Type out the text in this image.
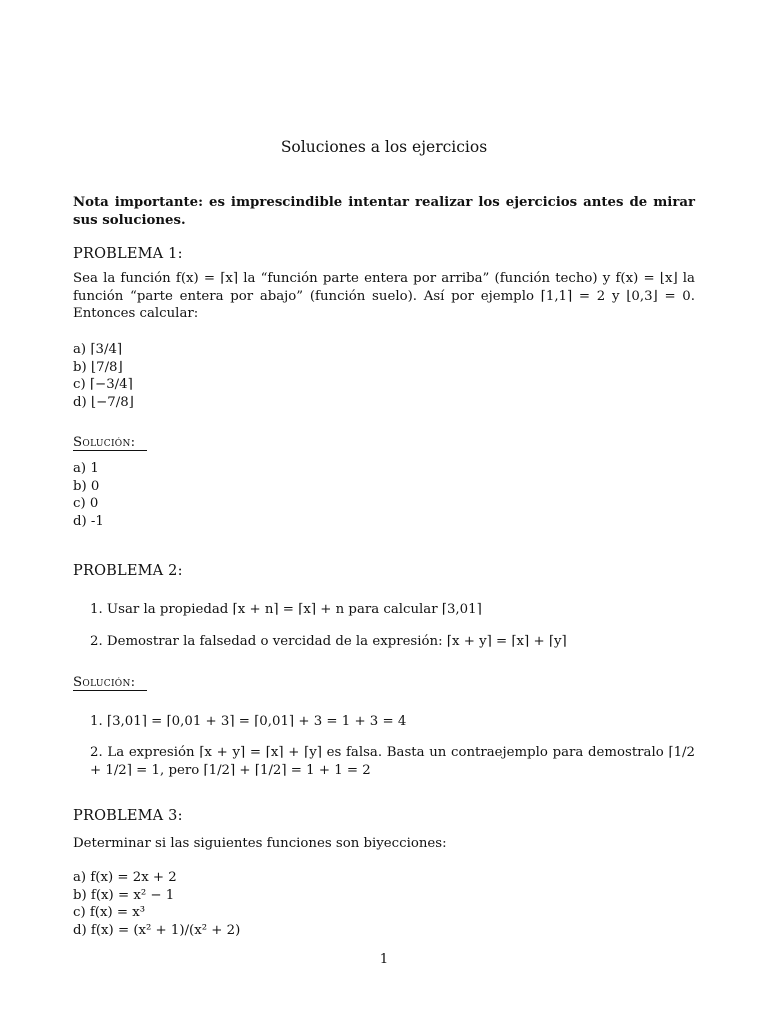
Soluciones a los ejercicios
Nota importante: es imprescindible intentar realizar los ejercicios antes de mirar sus soluciones.
PROBLEMA 1:
Sea la función f(x) = ⌈x⌉ la “función parte entera por arriba” (función techo) y f(x) = ⌊x⌋ la función “parte entera por abajo” (función suelo). Así por ejemplo ⌈1,1⌉ = 2 y ⌊0,3⌋ = 0. Entonces calcular:
a) ⌈3/4⌉
b) ⌊7/8⌋
c) ⌈−3/4⌉
d) ⌊−7/8⌋
Solución:
a) 1
b) 0
c) 0
d) -1
PROBLEMA 2:
1. Usar la propiedad ⌈x + n⌉ = ⌈x⌉ + n para calcular ⌈3,01⌉
2. Demostrar la falsedad o vercidad de la expresión: ⌈x + y⌉ = ⌈x⌉ + ⌈y⌉
Solución:
1. ⌈3,01⌉ = ⌈0,01 + 3⌉ = ⌈0,01⌉ + 3 = 1 + 3 = 4
2. La expresión ⌈x + y⌉ = ⌈x⌉ + ⌈y⌉ es falsa. Basta un contraejemplo para demostralo ⌈1/2 + 1/2⌉ = 1, pero ⌈1/2⌉ + ⌈1/2⌉ = 1 + 1 = 2
PROBLEMA 3:
Determinar si las siguientes funciones son biyecciones:
a) f(x) = 2x + 2
b) f(x) = x² − 1
c) f(x) = x³
d) f(x) = (x² + 1)/(x² + 2)
1
